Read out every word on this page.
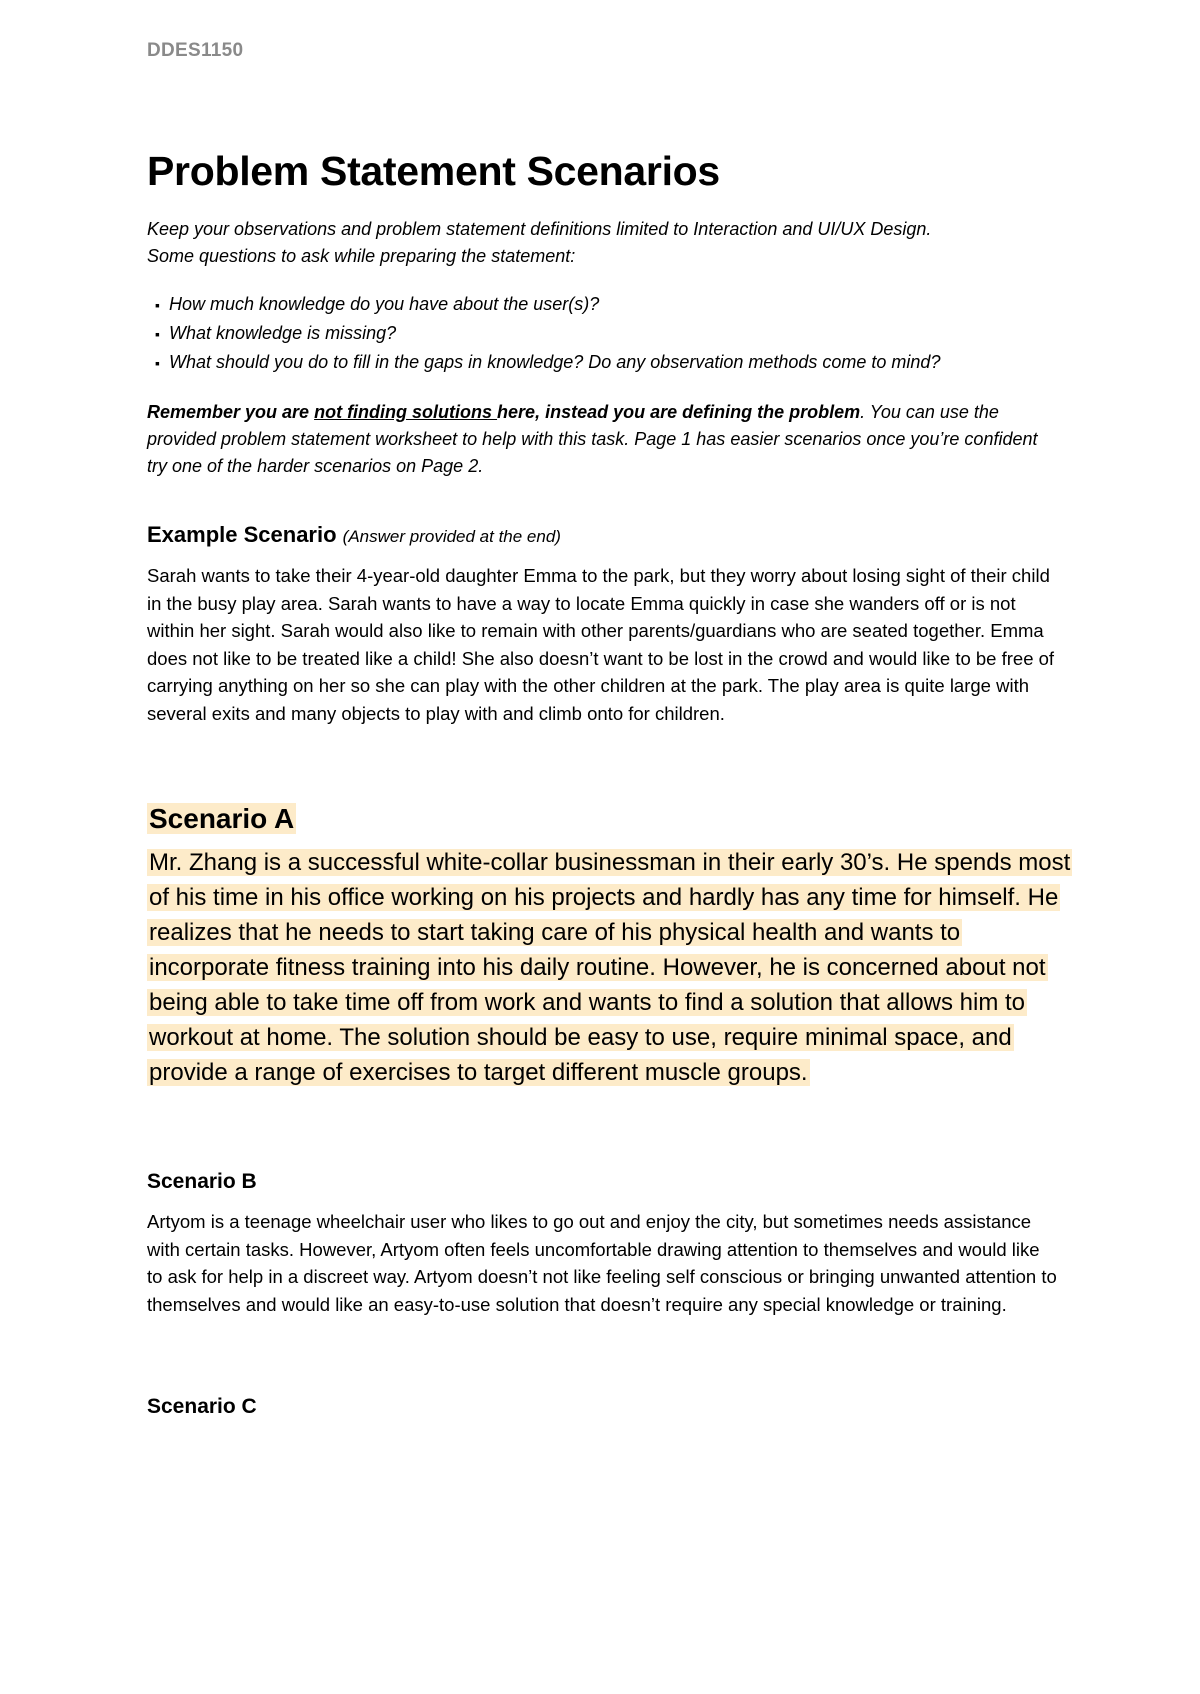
DDES1150
Problem Statement Scenarios
Keep your observations and problem statement definitions limited to Interaction and UI/UX Design. Some questions to ask while preparing the statement:
▪ How much knowledge do you have about the user(s)?
▪ What knowledge is missing?
▪ What should you do to fill in the gaps in knowledge? Do any observation methods come to mind?
Remember you are not finding solutions here, instead you are defining the problem. You can use the provided problem statement worksheet to help with this task. Page 1 has easier scenarios once you’re confident try one of the harder scenarios on Page 2.
Example Scenario (Answer provided at the end)
Sarah wants to take their 4-year-old daughter Emma to the park, but they worry about losing sight of their child in the busy play area. Sarah wants to have a way to locate Emma quickly in case she wanders off or is not within her sight. Sarah would also like to remain with other parents/guardians who are seated together. Emma does not like to be treated like a child! She also doesn’t want to be lost in the crowd and would like to be free of carrying anything on her so she can play with the other children at the park. The play area is quite large with several exits and many objects to play with and climb onto for children.
Scenario A
Mr. Zhang is a successful white-collar businessman in their early 30’s. He spends most of his time in his office working on his projects and hardly has any time for himself. He realizes that he needs to start taking care of his physical health and wants to incorporate fitness training into his daily routine. However, he is concerned about not being able to take time off from work and wants to find a solution that allows him to workout at home. The solution should be easy to use, require minimal space, and provide a range of exercises to target different muscle groups.
Scenario B
Artyom is a teenage wheelchair user who likes to go out and enjoy the city, but sometimes needs assistance with certain tasks. However, Artyom often feels uncomfortable drawing attention to themselves and would like to ask for help in a discreet way. Artyom doesn’t not like feeling self conscious or bringing unwanted attention to themselves and would like an easy-to-use solution that doesn’t require any special knowledge or training.
Scenario C
